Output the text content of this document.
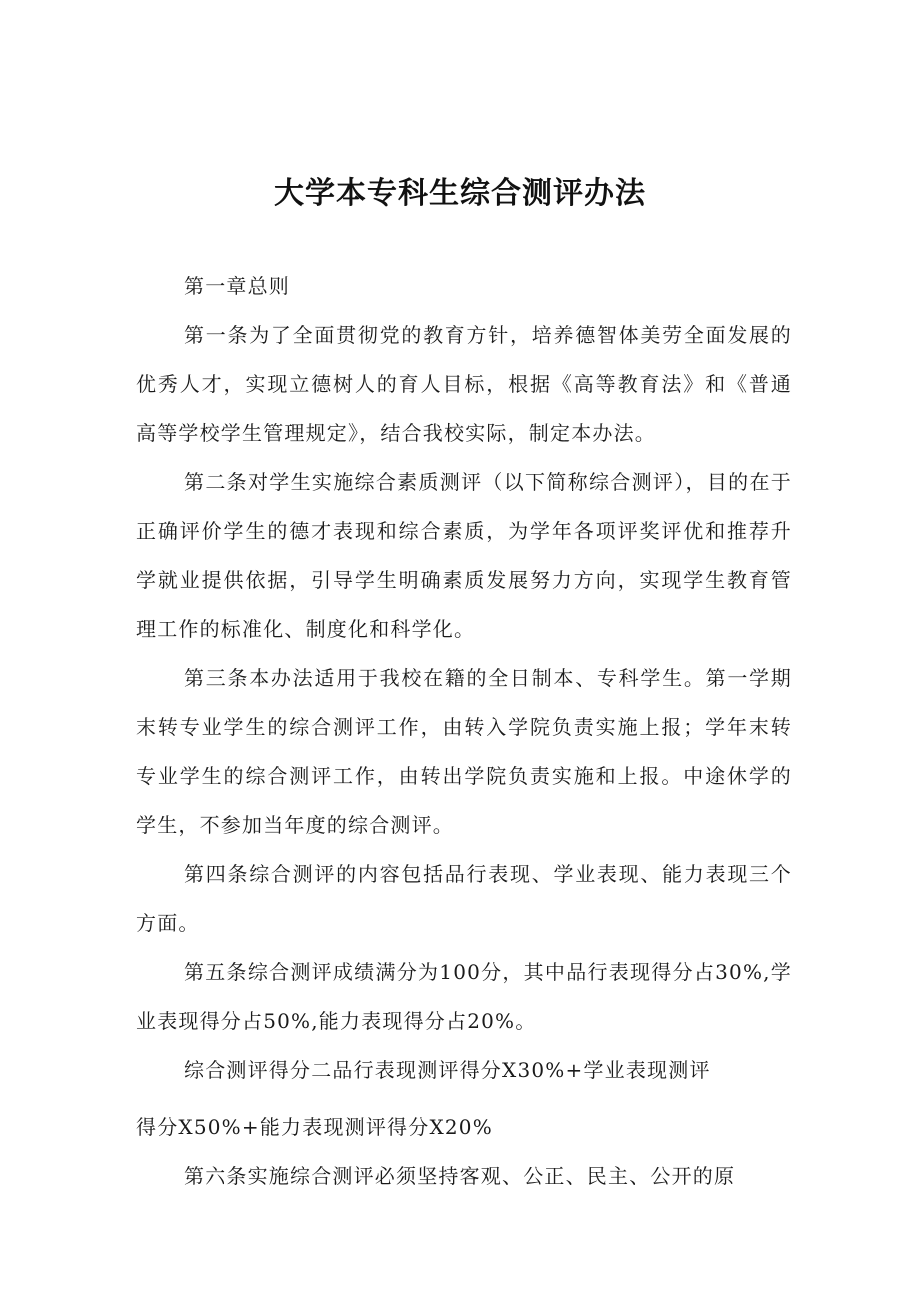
大学本专科生综合测评办法

第一章总则

第一条为了全面贯彻党的教育方针，培养德智体美劳全面发展的优秀人才，实现立德树人的育人目标，根据《高等教育法》和《普通高等学校学生管理规定》，结合我校实际，制定本办法。

第二条对学生实施综合素质测评（以下简称综合测评），目的在于正确评价学生的德才表现和综合素质，为学年各项评奖评优和推荐升学就业提供依据，引导学生明确素质发展努力方向，实现学生教育管理工作的标准化、制度化和科学化。

第三条本办法适用于我校在籍的全日制本、专科学生。第一学期末转专业学生的综合测评工作，由转入学院负责实施上报；学年末转专业学生的综合测评工作，由转出学院负责实施和上报。中途休学的学生，不参加当年度的综合测评。

第四条综合测评的内容包括品行表现、学业表现、能力表现三个方面。

第五条综合测评成绩满分为100分，其中品行表现得分占30%,学业表现得分占50%,能力表现得分占20%。

综合测评得分二品行表现测评得分X30%+学业表现测评

得分X50%+能力表现测评得分X20%

第六条实施综合测评必须坚持客观、公正、民主、公开的原
